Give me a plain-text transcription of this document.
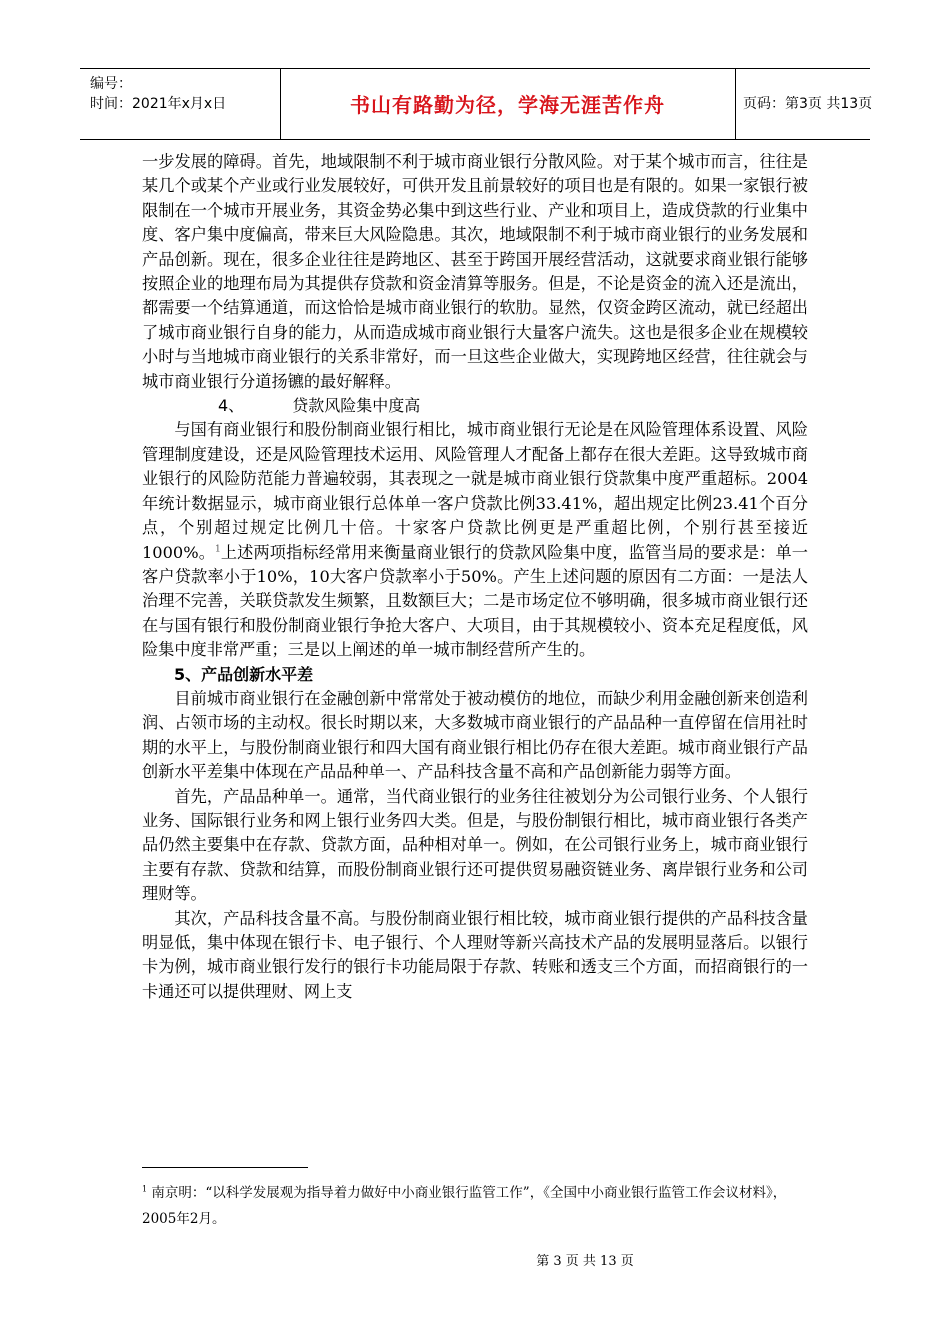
编号：
时间：2021年x月x日	书山有路勤为径，学海无涯苦作舟	页码：第3页 共13页

一步发展的障碍。首先，地域限制不利于城市商业银行分散风险。对于某个城市而言，往往是某几个或某个产业或行业发展较好，可供开发且前景较好的项目也是有限的。如果一家银行被限制在一个城市开展业务，其资金势必集中到这些行业、产业和项目上，造成贷款的行业集中度、客户集中度偏高，带来巨大风险隐患。其次，地域限制不利于城市商业银行的业务发展和产品创新。现在，很多企业往往是跨地区、甚至于跨国开展经营活动，这就要求商业银行能够按照企业的地理布局为其提供存贷款和资金清算等服务。但是，不论是资金的流入还是流出，都需要一个结算通道，而这恰恰是城市商业银行的软肋。显然，仅资金跨区流动，就已经超出了城市商业银行自身的能力，从而造成城市商业银行大量客户流失。这也是很多企业在规模较小时与当地城市商业银行的关系非常好，而一旦这些企业做大，实现跨地区经营，往往就会与城市商业银行分道扬镳的最好解释。

4、	贷款风险集中度高

与国有商业银行和股份制商业银行相比，城市商业银行无论是在风险管理体系设置、风险管理制度建设，还是风险管理技术运用、风险管理人才配备上都存在很大差距。这导致城市商业银行的风险防范能力普遍较弱，其表现之一就是城市商业银行贷款集中度严重超标。2004年统计数据显示，城市商业银行总体单一客户贷款比例33.41%，超出规定比例23.41个百分点，个别超过规定比例几十倍。十家客户贷款比例更是严重超比例，个别行甚至接近1000%。$^1$上述两项指标经常用来衡量商业银行的贷款风险集中度，监管当局的要求是：单一客户贷款率小于10%，10大客户贷款率小于50%。产生上述问题的原因有二方面：一是法人治理不完善，关联贷款发生频繁，且数额巨大；二是市场定位不够明确，很多城市商业银行还在与国有银行和股份制商业银行争抢大客户、大项目，由于其规模较小、资本充足程度低，风险集中度非常严重；三是以上阐述的单一城市制经营所产生的。

5、产品创新水平差

目前城市商业银行在金融创新中常常处于被动模仿的地位，而缺少利用金融创新来创造利润、占领市场的主动权。很长时期以来，大多数城市商业银行的产品品种一直停留在信用社时期的水平上，与股份制商业银行和四大国有商业银行相比仍存在很大差距。城市商业银行产品创新水平差集中体现在产品品种单一、产品科技含量不高和产品创新能力弱等方面。

首先，产品品种单一。通常，当代商业银行的业务往往被划分为公司银行业务、个人银行业务、国际银行业务和网上银行业务四大类。但是，与股份制银行相比，城市商业银行各类产品仍然主要集中在存款、贷款方面，品种相对单一。例如，在公司银行业务上，城市商业银行主要有存款、贷款和结算，而股份制商业银行还可提供贸易融资链业务、离岸银行业务和公司理财等。

其次，产品科技含量不高。与股份制商业银行相比较，城市商业银行提供的产品科技含量明显低，集中体现在银行卡、电子银行、个人理财等新兴高技术产品的发展明显落后。以银行卡为例，城市商业银行发行的银行卡功能局限于存款、转账和透支三个方面，而招商银行的一卡通还可以提供理财、网上支

$^1$ 南京明：“以科学发展观为指导着力做好中小商业银行监管工作”，《全国中小商业银行监管工作会议材料》，2005年2月。
第 3 页 共 13 页
